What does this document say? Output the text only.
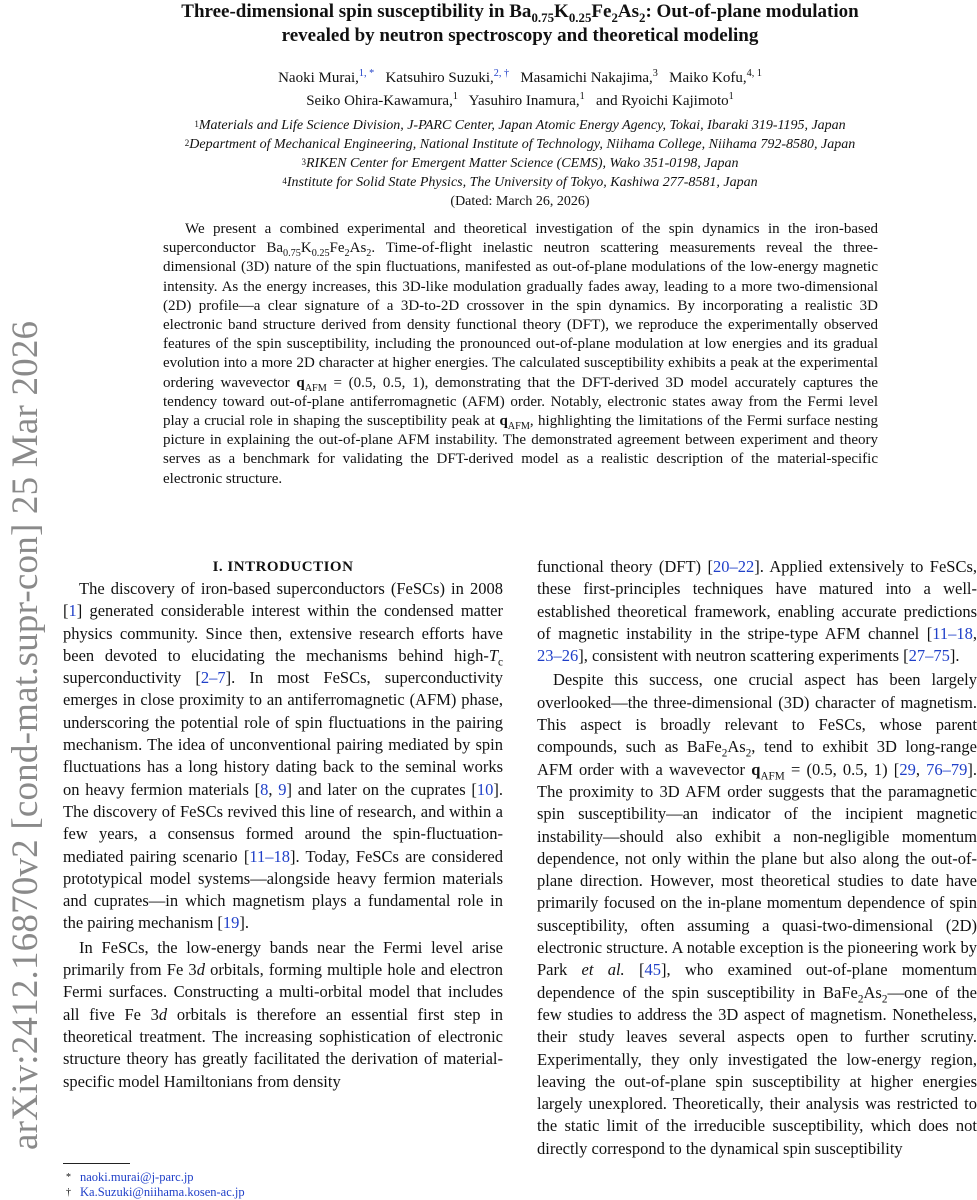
arXiv:2412.16870v2 [cond-mat.supr-con] 25 Mar 2026
Three-dimensional spin susceptibility in $Ba_{0.75}K_{0.25}Fe_2As_2$: Out-of-plane modulation
revealed by neutron spectroscopy and theoretical modeling
Naoki Murai,$^{1, *}$ Katsuhiro Suzuki,$^{2, \dagger}$ Masamichi Nakajima,$^3$ Maiko Kofu,$^{4, 1}$
Seiko Ohira-Kawamura,$^1$ Yasuhiro Inamura,$^1$ and Ryoichi Kajimoto$^1$
$^1$Materials and Life Science Division, J-PARC Center, Japan Atomic Energy Agency, Tokai, Ibaraki 319-1195, Japan
$^2$Department of Mechanical Engineering, National Institute of Technology, Niihama College, Niihama 792-8580, Japan
$^3$RIKEN Center for Emergent Matter Science (CEMS), Wako 351-0198, Japan
$^4$Institute for Solid State Physics, The University of Tokyo, Kashiwa 277-8581, Japan
(Dated: March 26, 2026)
We present a combined experimental and theoretical investigation of the spin dynamics in the iron-based superconductor $Ba_{0.75}K_{0.25}Fe_2As_2$. Time-of-flight inelastic neutron scattering measurements reveal the three-dimensional (3D) nature of the spin fluctuations, manifested as out-of-plane modulations of the low-energy magnetic intensity. As the energy increases, this 3D-like modulation gradually fades away, leading to a more two-dimensional (2D) profile—a clear signature of a 3D-to-2D crossover in the spin dynamics. By incorporating a realistic 3D electronic band structure derived from density functional theory (DFT), we reproduce the experimentally observed features of the spin susceptibility, including the pronounced out-of-plane modulation at low energies and its gradual evolution into a more 2D character at higher energies. The calculated susceptibility exhibits a peak at the experimental ordering wavevector $q_{AFM} = (0.5$, 0.5, 1), demonstrating that the DFT-derived 3D model accurately captures the tendency toward out-of-plane antiferromagnetic (AFM) order. Notably, electronic states away from the Fermi level play a crucial role in shaping the susceptibility peak at $q_{AFM}$, highlighting the limitations of the Fermi surface nesting picture in explaining the out-of-plane AFM instability. The demonstrated agreement between experiment and theory serves as a benchmark for validating the DFT-derived model as a realistic description of the material-specific electronic structure.
I. INTRODUCTION
The discovery of iron-based superconductors (FeSCs) in 2008 [1] generated considerable interest within the condensed matter physics community. Since then, extensive research efforts have been devoted to elucidating the mechanisms behind high-$T_c$ superconductivity [2–7]. In most FeSCs, superconductivity emerges in close proximity to an antiferromagnetic (AFM) phase, underscoring the potential role of spin fluctuations in the pairing mechanism. The idea of unconventional pairing mediated by spin fluctuations has a long history dating back to the seminal works on heavy fermion materials [8, 9] and later on the cuprates [10]. The discovery of FeSCs revived this line of research, and within a few years, a consensus formed around the spin-fluctuation-mediated pairing scenario [11–18]. Today, FeSCs are considered prototypical model systems—alongside heavy fermion materials and cuprates—in which magnetism plays a fundamental role in the pairing mechanism [19].
In FeSCs, the low-energy bands near the Fermi level arise primarily from Fe 3d orbitals, forming multiple hole and electron Fermi surfaces. Constructing a multi-orbital model that includes all five Fe 3d orbitals is therefore an essential first step in theoretical treatment. The increasing sophistication of electronic structure theory has greatly facilitated the derivation of material-specific model Hamiltonians from density
functional theory (DFT) [20–22]. Applied extensively to FeSCs, these first-principles techniques have matured into a well-established theoretical framework, enabling accurate predictions of magnetic instability in the stripe-type AFM channel [11–18, 23–26], consistent with neutron scattering experiments [27–75].
Despite this success, one crucial aspect has been largely overlooked—the three-dimensional (3D) character of magnetism. This aspect is broadly relevant to FeSCs, whose parent compounds, such as $BaFe_2As_2$, tend to exhibit 3D long-range AFM order with a wavevector $q_{AFM} = (0.5$, 0.5, 1) [29, 76–79]. The proximity to 3D AFM order suggests that the paramagnetic spin susceptibility—an indicator of the incipient magnetic instability—should also exhibit a non-negligible momentum dependence, not only within the plane but also along the out-of-plane direction. However, most theoretical studies to date have primarily focused on the in-plane momentum dependence of spin susceptibility, often assuming a quasi-two-dimensional (2D) electronic structure. A notable exception is the pioneering work by Park et al. [45], who examined out-of-plane momentum dependence of the spin susceptibility in $BaFe_2As_2—one$ of the few studies to address the 3D aspect of magnetism. Nonetheless, their study leaves several aspects open to further scrutiny. Experimentally, they only investigated the low-energy region, leaving the out-of-plane spin susceptibility at higher energies largely unexplored. Theoretically, their analysis was restricted to the static limit of the irreducible susceptibility, which does not directly correspond to the dynamical spin susceptibility
* naoki.murai@j-parc.jp
† Ka.Suzuki@niihama.kosen-ac.jp
